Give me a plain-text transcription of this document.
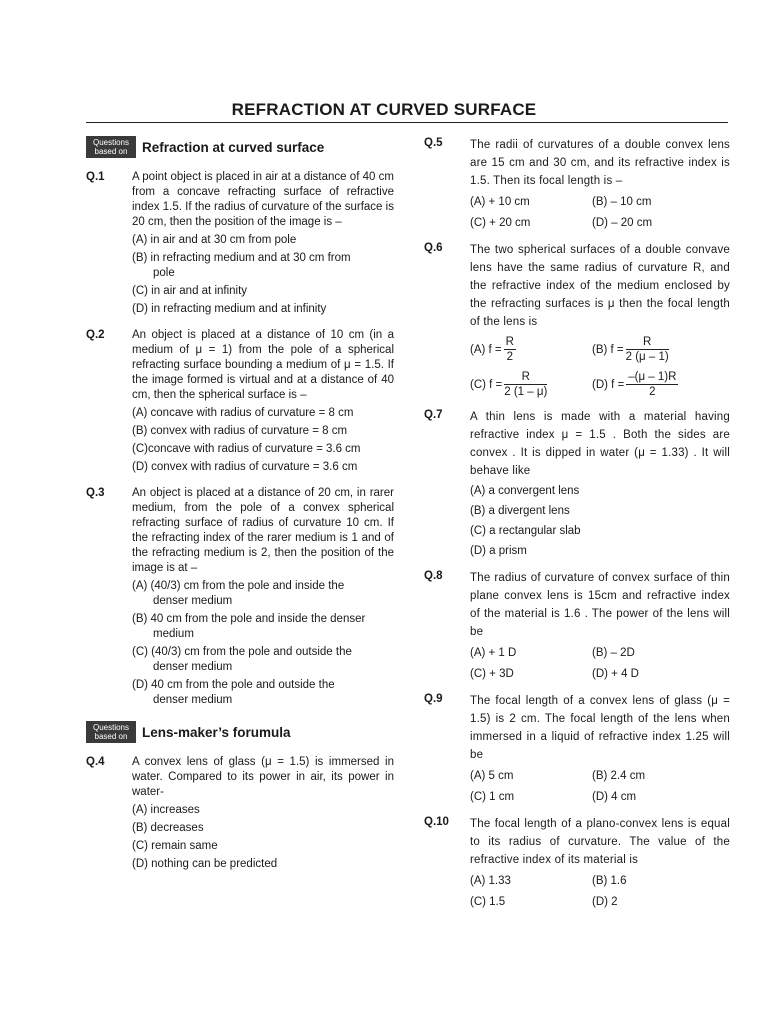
REFRACTION AT CURVED SURFACE
Questions based on	Refraction at curved surface
Q.1	A point object is placed in air at a distance of 40 cm from a concave refracting surface of refractive index 1.5. If the radius of curvature of the surface is 20 cm, then the position of the image is –
(A) in air and at 30 cm from pole
(B) in refracting medium and at 30 cm from
pole
(C) in air and at infinity
(D) in refracting medium and at infinity
Q.2	An object is placed at a distance of 10 cm (in a medium of μ = 1) from the pole of a spherical refracting surface bounding a medium of μ = 1.5. If the image formed is virtual and at a distance of 40 cm, then the spherical surface is –
(A) concave with radius of curvature = 8 cm
(B) convex with radius of curvature = 8 cm
(C)concave with radius of curvature = 3.6 cm
(D) convex with radius of curvature = 3.6 cm
Q.3	An object is placed at a distance of 20 cm, in rarer medium, from the pole of a convex spherical refracting surface of radius of curvature 10 cm. If the refracting index of the rarer medium is 1 and of the refracting medium is 2, then the position of the image is at –
(A) (40/3) cm from the pole and inside the
denser medium
(B) 40 cm from the pole and inside the denser
medium
(C) (40/3) cm from the pole and outside the
denser medium
(D) 40 cm from the pole and outside the
denser medium
Questions based on	Lens-maker’s forumula
Q.4	A convex lens of glass (μ = 1.5) is immersed in water. Compared to its power in air, its power in water-
(A) increases
(B) decreases
(C) remain same
(D) nothing can be predicted
Q.5	The radii of curvatures of a double convex lens are 15 cm and 30 cm, and its refractive index is 1.5. Then its focal length is –
(A) + 10 cm	(B) – 10 cm
(C) + 20 cm	(D) – 20 cm
Q.6	The two spherical surfaces of a double convave lens have the same radius of curvature R, and the refractive index of the medium enclosed by the refracting surfaces is μ then the focal length of the lens is
(A) $f = \frac{R}{2}$	(B) $f = \frac{R}{2 (\mu - 1)}$
(C) $f = \frac{R}{2 (1 - \mu)}$	(D) $f = \frac{-(\mu - 1)R}{2}$
Q.7	A thin lens is made with a material having refractive index μ = 1.5 . Both the sides are convex . It is dipped in water (μ = 1.33) . It will behave like
(A) a convergent lens
(B) a divergent lens
(C) a rectangular slab
(D) a prism
Q.8	The radius of curvature of convex surface of thin plane convex lens is 15cm and refractive index of the material is 1.6 . The power of the lens will be
(A) + 1 D	(B) – 2D
(C) + 3D	(D) + 4 D
Q.9	The focal length of a convex lens of glass (μ = 1.5) is 2 cm. The focal length of the lens when immersed in a liquid of refractive index 1.25 will be
(A) 5 cm	(B) 2.4 cm
(C) 1 cm	(D) 4 cm
Q.10	The focal length of a plano-convex lens is equal to its radius of curvature. The value of the refractive index of its material is
(A) 1.33	(B) 1.6
(C) 1.5	(D) 2
